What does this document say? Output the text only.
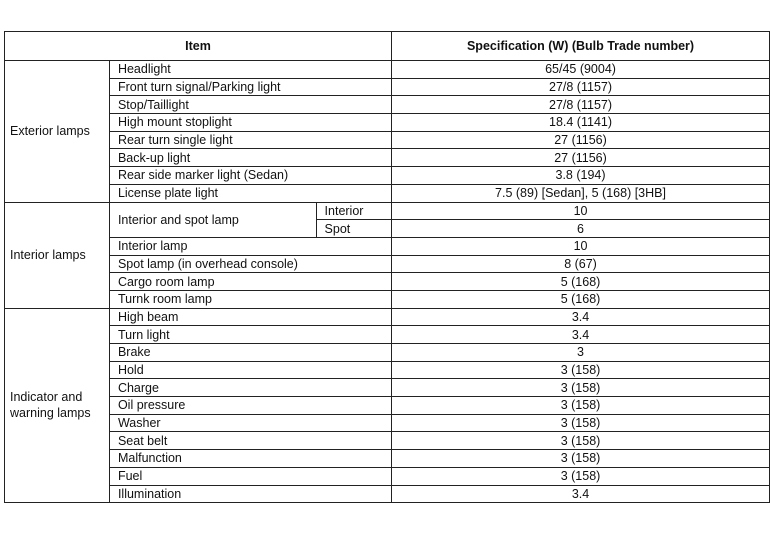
Item			Specification (W) (Bulb Trade number)
Exterior lamps	Headlight		65/45 (9004)
	Front turn signal/Parking light		27/8 (1157)
	Stop/Taillight		27/8 (1157)
	High mount stoplight		18.4 (1141)
	Rear turn single light		27 (1156)
	Back-up light		27 (1156)
	Rear side marker light (Sedan)		3.8 (194)
	License plate light		7.5 (89) [Sedan], 5 (168) [3HB]
Interior lamps	Interior and spot lamp	Interior	10
		Spot	6
	Interior lamp		10
	Spot lamp (in overhead console)		8 (67)
	Cargo room lamp		5 (168)
	Turnk room lamp		5 (168)
Indicator and warning lamps	High beam		3.4
	Turn light		3.4
	Brake		3
	Hold		3 (158)
	Charge		3 (158)
	Oil pressure		3 (158)
	Washer		3 (158)
	Seat belt		3 (158)
	Malfunction		3 (158)
	Fuel		3 (158)
	Illumination		3.4
